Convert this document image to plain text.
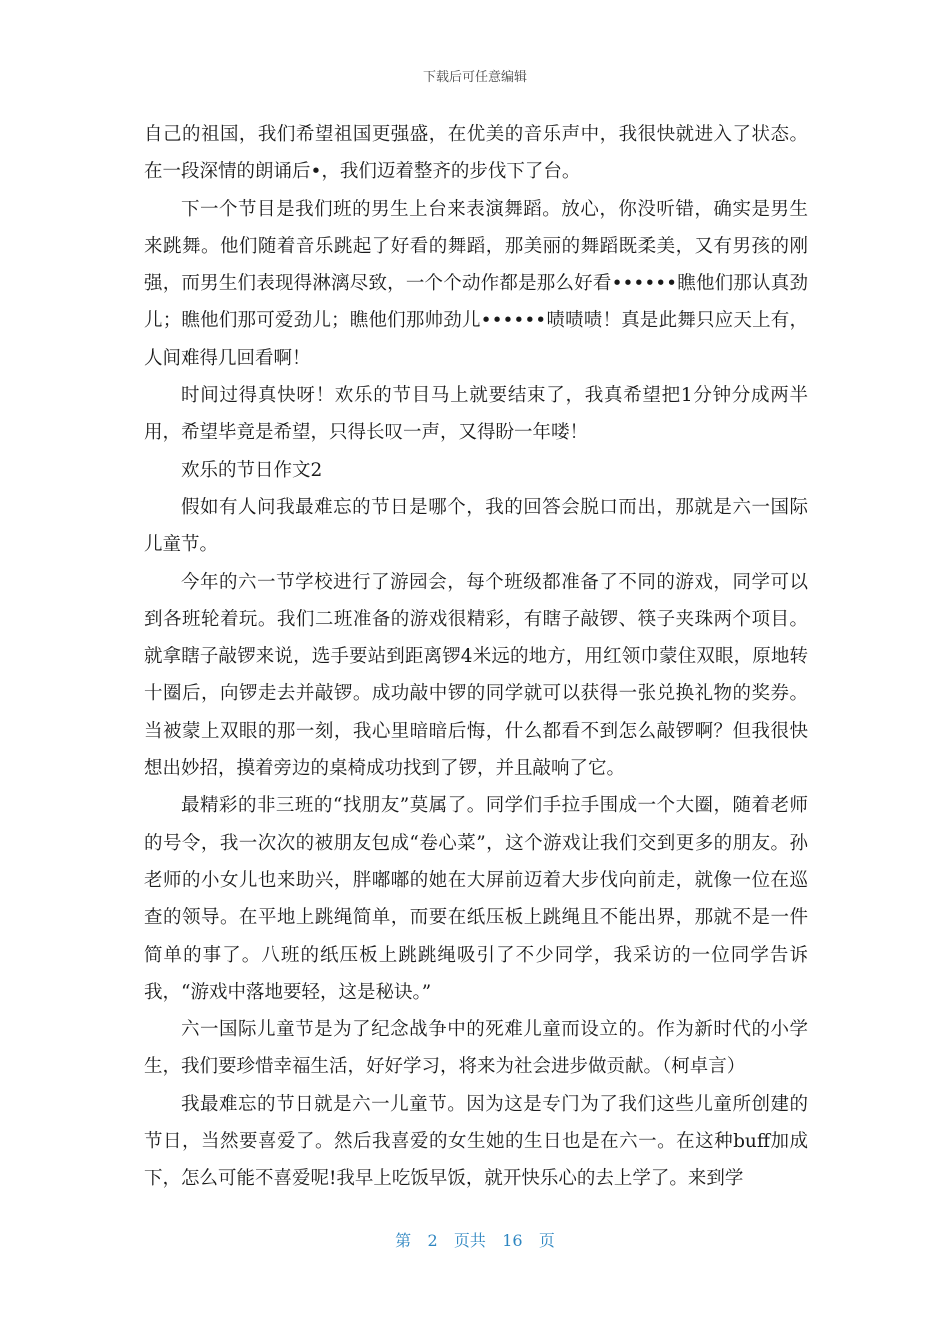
下载后可任意编辑

自己的祖国，我们希望祖国更强盛，在优美的音乐声中，我很快就进入了状态。在一段深情的朗诵后•，我们迈着整齐的步伐下了台。

下一个节目是我们班的男生上台来表演舞蹈。放心，你没听错，确实是男生来跳舞。他们随着音乐跳起了好看的舞蹈，那美丽的舞蹈既柔美，又有男孩的刚强，而男生们表现得淋漓尽致，一个个动作都是那么好看••••••瞧他们那认真劲儿；瞧他们那可爱劲儿；瞧他们那帅劲儿••••••啧啧啧！真是此舞只应天上有，人间难得几回看啊！

时间过得真快呀！欢乐的节目马上就要结束了，我真希望把1分钟分成两半用，希望毕竟是希望，只得长叹一声，又得盼一年喽！

欢乐的节日作文2

假如有人问我最难忘的节日是哪个，我的回答会脱口而出，那就是六一国际儿童节。

今年的六一节学校进行了游园会，每个班级都准备了不同的游戏，同学可以到各班轮着玩。我们二班准备的游戏很精彩，有瞎子敲锣、筷子夹珠两个项目。就拿瞎子敲锣来说，选手要站到距离锣4米远的地方，用红领巾蒙住双眼，原地转十圈后，向锣走去并敲锣。成功敲中锣的同学就可以获得一张兑换礼物的奖券。当被蒙上双眼的那一刻，我心里暗暗后悔，什么都看不到怎么敲锣啊？但我很快想出妙招，摸着旁边的桌椅成功找到了锣，并且敲响了它。

最精彩的非三班的“找朋友”莫属了。同学们手拉手围成一个大圈，随着老师的号令，我一次次的被朋友包成“卷心菜”，这个游戏让我们交到更多的朋友。孙老师的小女儿也来助兴，胖嘟嘟的她在大屏前迈着大步伐向前走，就像一位在巡查的领导。在平地上跳绳简单，而要在纸压板上跳绳且不能出界，那就不是一件简单的事了。八班的纸压板上跳跳绳吸引了不少同学，我采访的一位同学告诉我，“游戏中落地要轻，这是秘诀。”

六一国际儿童节是为了纪念战争中的死难儿童而设立的。作为新时代的小学生，我们要珍惜幸福生活，好好学习，将来为社会进步做贡献。（柯卓言）

我最难忘的节日就是六一儿童节。因为这是专门为了我们这些儿童所创建的节日，当然要喜爱了。然后我喜爱的女生她的生日也是在六一。在这种buff加成下，怎么可能不喜爱呢!我早上吃饭早饭，就开快乐心的去上学了。来到学

第 2 页共 16 页
